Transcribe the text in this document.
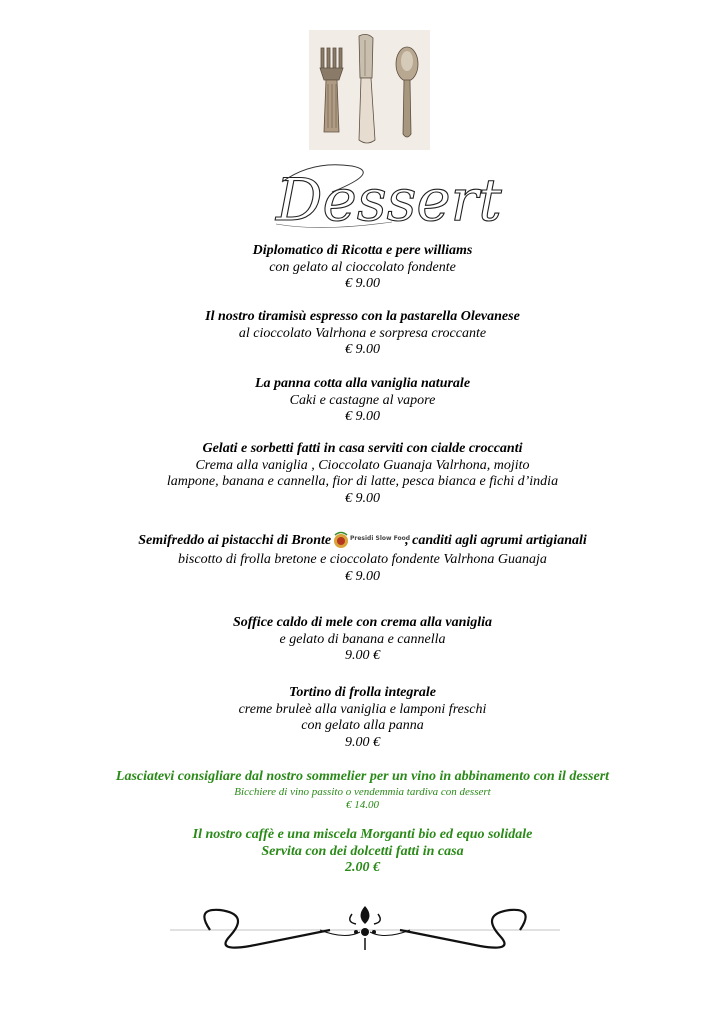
Dessert
Diplomatico di Ricotta e pere williams
con gelato al cioccolato fondente
€ 9.00
Il nostro tiramisù espresso con la pastarella Olevanese
al cioccolato Valrhona e sorpresa croccante
€ 9.00
La panna cotta alla vaniglia naturale
Caki e castagne al vapore
€ 9.00
Gelati e sorbetti fatti in casa serviti con cialde croccanti
Crema alla vaniglia , Cioccolato Guanaja Valrhona, mojito
lampone, banana e cannella, fior di latte, pesca bianca e fichi d’india
€ 9.00
Semifreddo ai pistacchi di Bronte	Presidi Slow Food
, canditi agli agrumi artigianali
biscotto di frolla bretone e cioccolato fondente Valrhona Guanaja
€ 9.00
Soffice caldo di mele con crema alla vaniglia
e gelato di banana e cannella
9.00 €
Tortino di frolla integrale
creme bruleè alla vaniglia e lamponi freschi
con gelato alla panna
9.00 €
Lasciatevi consigliare dal nostro sommelier per un vino in abbinamento con il dessert
Bicchiere di vino passito o vendemmia tardiva con dessert
€ 14.00
Il nostro caffè e una miscela Morganti bio ed equo solidale
Servita con dei dolcetti fatti in casa
2.00 €
